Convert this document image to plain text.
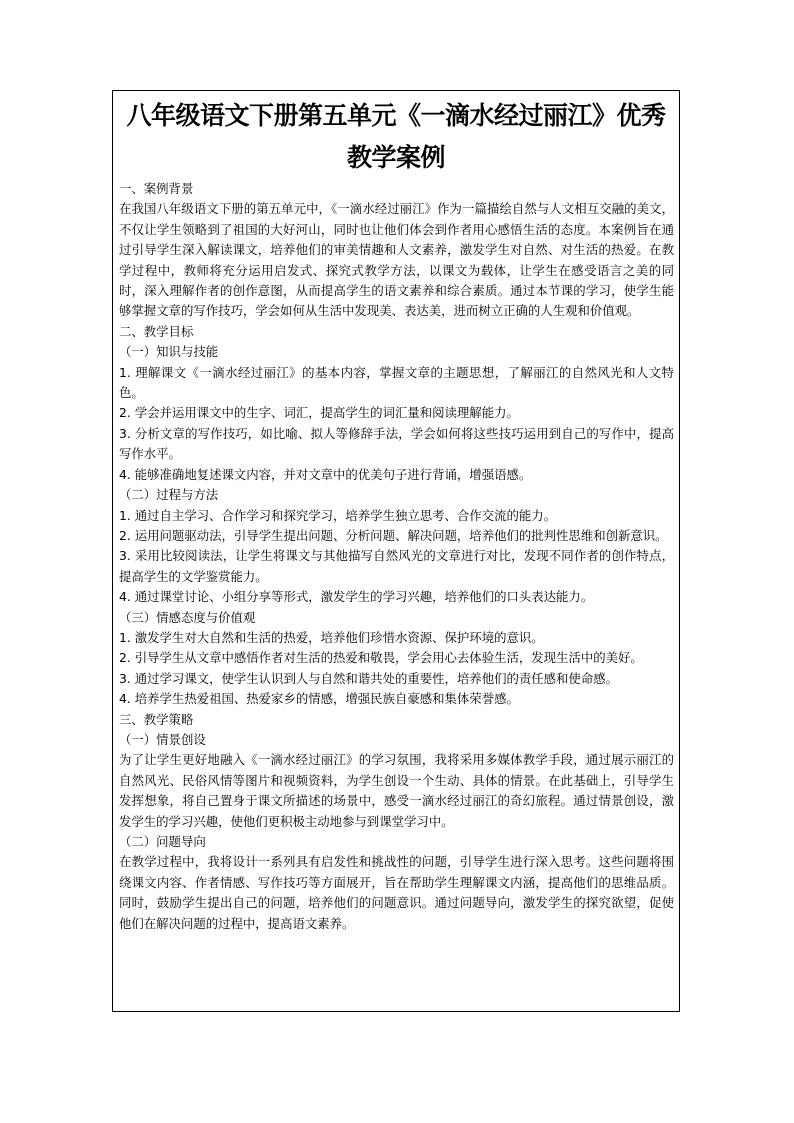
八年级语文下册第五单元《一滴水经过丽江》优秀教学案例

一、案例背景

在我国八年级语文下册的第五单元中，《一滴水经过丽江》作为一篇描绘自然与人文相互交融的美文，不仅让学生领略到了祖国的大好河山，同时也让他们体会到作者用心感悟生活的态度。本案例旨在通过引导学生深入解读课文，培养他们的审美情趣和人文素养，激发学生对自然、对生活的热爱。在教学过程中，教师将充分运用启发式、探究式教学方法，以课文为载体，让学生在感受语言之美的同时，深入理解作者的创作意图，从而提高学生的语文素养和综合素质。通过本节课的学习，使学生能够掌握文章的写作技巧，学会如何从生活中发现美、表达美，进而树立正确的人生观和价值观。

二、教学目标

（一）知识与技能

1. 理解课文《一滴水经过丽江》的基本内容，掌握文章的主题思想，了解丽江的自然风光和人文特色。

2. 学会并运用课文中的生字、词汇，提高学生的词汇量和阅读理解能力。

3. 分析文章的写作技巧，如比喻、拟人等修辞手法，学会如何将这些技巧运用到自己的写作中，提高写作水平。

4. 能够准确地复述课文内容，并对文章中的优美句子进行背诵，增强语感。

（二）过程与方法

1. 通过自主学习、合作学习和探究学习，培养学生独立思考、合作交流的能力。

2. 运用问题驱动法，引导学生提出问题、分析问题、解决问题，培养他们的批判性思维和创新意识。

3. 采用比较阅读法，让学生将课文与其他描写自然风光的文章进行对比，发现不同作者的创作特点，提高学生的文学鉴赏能力。

4. 通过课堂讨论、小组分享等形式，激发学生的学习兴趣，培养他们的口头表达能力。

（三）情感态度与价值观

1. 激发学生对大自然和生活的热爱，培养他们珍惜水资源、保护环境的意识。

2. 引导学生从文章中感悟作者对生活的热爱和敬畏，学会用心去体验生活，发现生活中的美好。

3. 通过学习课文，使学生认识到人与自然和谐共处的重要性，培养他们的责任感和使命感。

4. 培养学生热爱祖国、热爱家乡的情感，增强民族自豪感和集体荣誉感。

三、教学策略

（一）情景创设

为了让学生更好地融入《一滴水经过丽江》的学习氛围，我将采用多媒体教学手段，通过展示丽江的自然风光、民俗风情等图片和视频资料，为学生创设一个生动、具体的情景。在此基础上，引导学生发挥想象，将自己置身于课文所描述的场景中，感受一滴水经过丽江的奇幻旅程。通过情景创设，激发学生的学习兴趣，使他们更积极主动地参与到课堂学习中。

（二）问题导向

在教学过程中，我将设计一系列具有启发性和挑战性的问题，引导学生进行深入思考。这些问题将围绕课文内容、作者情感、写作技巧等方面展开，旨在帮助学生理解课文内涵，提高他们的思维品质。同时，鼓励学生提出自己的问题，培养他们的问题意识。通过问题导向，激发学生的探究欲望，促使他们在解决问题的过程中，提高语文素养。
